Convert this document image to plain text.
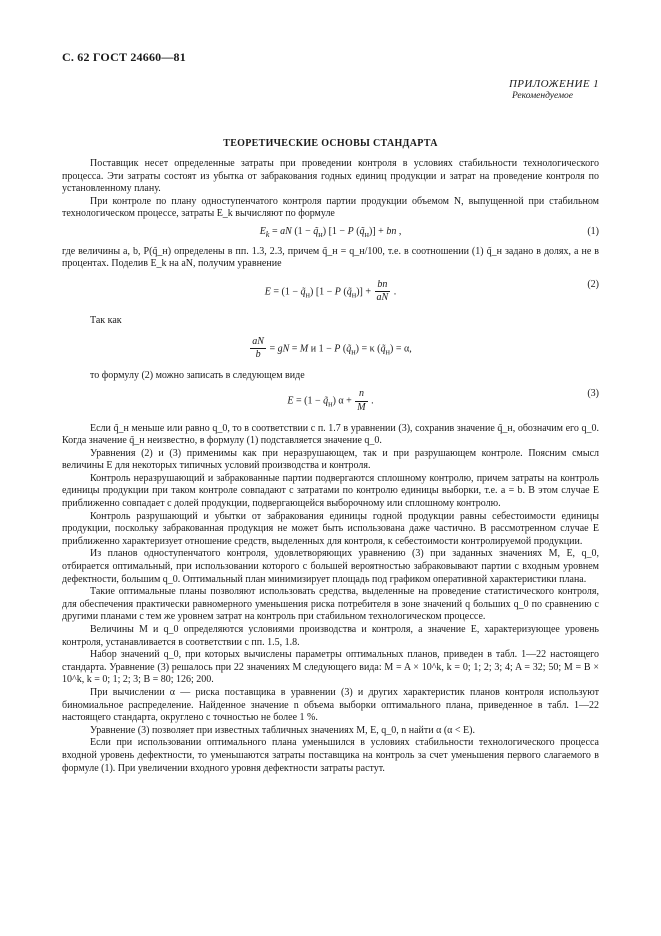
С. 62 ГОСТ 24660—81
ПРИЛОЖЕНИЕ 1
Рекомендуемое
ТЕОРЕТИЧЕСКИЕ ОСНОВЫ СТАНДАРТА

Поставщик несет определенные затраты при проведении контроля в условиях стабильности технологического процесса. Эти затраты состоят из убытка от забракования годных единиц продукции и затрат на проведение контроля по установленному плану.

При контроле по плану одноступенчатого контроля партии продукции объемом N, выпущенной при стабильном технологическом процессе, затраты E_k вычисляют по формуле

$E_k$ = aN $(1 - q̃_н)$ [1 − P $(q̃_н)$] + bn ,	(1)

где величины a, b, P(q̃_н) определены в пп. 1.3, 2.3, причем q̃_н = q_н/100, т.е. в соотношении (1) q̃_н задано в долях, а не в процентах. Поделив E_k на aN, получим уравнение

$E = (1 - q̃_н)$ [1 − P $(q̃_н)] + \frac{bn}{aN}$ .
(2)

Так как

$\frac{aN}{b}$ = gN = M и 1 − P $(q̃_н) = \kappa$ $(q̃_н) = \alpha$,

то формулу (2) можно записать в следующем виде

$E = (1 - q̃_н)$ $\alpha + \frac{n}{M}$ .
(3)

Если q̃_н меньше или равно q_0, то в соответствии с п. 1.7 в уравнении (3), сохранив значение q̃_н, обозначим его q_0. Когда значение q̃_н неизвестно, в формулу (1) подставляется значение q_0.

Уравнения (2) и (3) применимы как при неразрушающем, так и при разрушающем контроле. Поясним смысл величины E для некоторых типичных условий производства и контроля.

Контроль неразрушающий и забракованные партии подвергаются сплошному контролю, причем затраты на контроль единицы продукции при таком контроле совпадают с затратами по контролю единицы выборки, т.е. a = b. В этом случае E приближенно совпадает с долей продукции, подвергающейся выборочному или сплошному контролю.

Контроль разрушающий и убытки от забракования единицы годной продукции равны себестоимости единицы продукции, поскольку забракованная продукция не может быть использована даже частично. В рассмотренном случае E приближенно характеризует отношение средств, выделенных для контроля, к себестоимости контролируемой продукции.

Из планов одноступенчатого контроля, удовлетворяющих уравнению (3) при заданных значениях M, E, q_0, отбирается оптимальный, при использовании которого с большей вероятностью забраковывают партии с входным уровнем дефектности, большим q_0. Оптимальный план минимизирует площадь под графиком оперативной характеристики плана.

Такие оптимальные планы позволяют использовать средства, выделенные на проведение статистического контроля, для обеспечения практически равномерного уменьшения риска потребителя в зоне значений q больших q_0 по сравнению с другими планами с тем же уровнем затрат на контроль при стабильном технологическом процессе.

Величины M и q_0 определяются условиями производства и контроля, а значение E, характеризующее уровень контроля, устанавливается в соответствии с пп. 1.5, 1.8.

Набор значений q_0, при которых вычислены параметры оптимальных планов, приведен в табл. 1—22 настоящего стандарта. Уравнение (3) решалось при 22 значениях M следующего вида: M = A × 10^k, k = 0; 1; 2; 3; 4; A = 32; 50; M = B × 10^k, k = 0; 1; 2; 3; B = 80; 126; 200.

При вычислении α — риска поставщика в уравнении (3) и других характеристик планов контроля используют биномиальное распределение. Найденное значение n объема выборки оптимального плана, приведенное в табл. 1—22 настоящего стандарта, округлено с точностью не более 1 %.

Уравнение (3) позволяет при известных табличных значениях M, E, q_0, n найти α (α < E).

Если при использовании оптимального плана уменьшился в условиях стабильности технологического процесса входной уровень дефектности, то уменьшаются затраты поставщика на контроль за счет уменьшения первого слагаемого в формуле (1). При увеличении входного уровня дефектности затраты растут.
